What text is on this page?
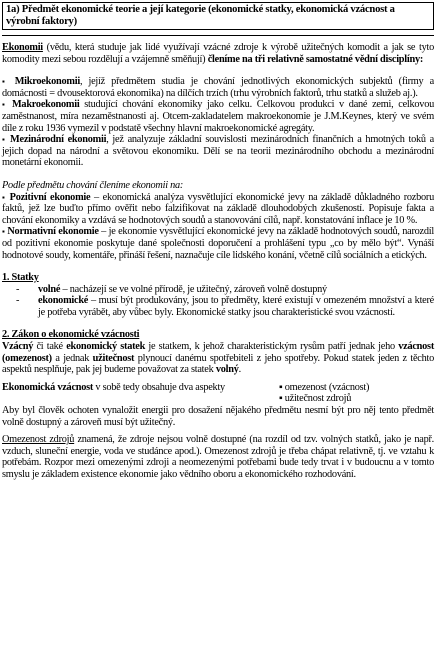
1a) Předmět ekonomické teorie a její kategorie (ekonomické statky, ekonomická vzácnost a výrobní faktory)

Ekonomii (vědu, která studuje jak lidé využívají vzácné zdroje k výrobě užitečných komodit a jak se tyto komodity mezi sebou rozdělují a vzájemně směňují) členíme na tři relativně samostatné vědní disciplíny:

▪ Mikroekonomii, jejíž předmětem studia je chování jednotlivých ekonomických subjektů (firmy a domácnosti = dvousektorová ekonomika) na dílčích trzích (trhu výrobních faktorů, trhu statků a služeb aj.).

▪ Makroekonomii studující chování ekonomiky jako celku. Celkovou produkci v dané zemi, celkovou zaměstnanost, míra nezaměstnanosti aj. Otcem-zakladatelem makroekonomie je J.M.Keynes, který ve svém díle z roku 1936 vymezil v podstatě všechny hlavní makroekonomické agregáty.

▪ Mezinárodní ekonomii, jež analyzuje základní souvislosti mezinárodních finančních a hmotných toků a jejich dopad na národní a světovou ekonomiku. Dělí se na teorii mezinárodního obchodu a mezinárodní monetární ekonomii.

Podle předmětu chování členíme ekonomii na:

▪ Pozitivní ekonomie – ekonomická analýza vysvětlující ekonomické jevy na základě důkladného rozboru faktů, jež lze buďto přímo ověřit nebo falzifikovat na základě dlouhodobých zkušeností. Popisuje fakta a chování ekonomiky a vzdává se hodnotových soudů a stanovování cílů, např. konstatování inflace je 10 %.

▪ Normativní ekonomie – je ekonomie vysvětlující ekonomické jevy na základě hodnotových soudů, narozdíl od pozitivní ekonomie poskytuje dané společnosti doporučení a prohlášení typu „co by mělo být“. Vynáší hodnotové soudy, komentáře, přináší řešení, naznačuje cíle lidského konání, včetně cílů sociálních a etických.

1. Statky

-	volné – nacházejí se ve volné přírodě, je užitečný, zároveň volně dostupný
-	ekonomické – musí být produkovány, jsou to předměty, které existují v omezeném množství a které je potřeba vyrábět, aby vůbec byly. Ekonomické statky jsou charakteristické svou vzácností.

2. Zákon o ekonomické vzácnosti

Vzácný či také ekonomický statek je statkem, k jehož charakteristickým rysům patří jednak jeho vzácnost (omezenost) a jednak užitečnost plynoucí danému spotřebiteli z jeho spotřeby. Pokud statek jeden z těchto aspektů nesplňuje, pak jej budeme považovat za statek volný.

Ekonomická vzácnost v sobě tedy obsahuje dva aspekty	▪ omezenost (vzácnost)
▪ užitečnost zdrojů

Aby byl člověk ochoten vynaložit energii pro dosažení nějakého předmětu nesmí být pro něj tento předmět volně dostupný a zároveň musí být užitečný.

Omezenost zdrojů znamená, že zdroje nejsou volně dostupné (na rozdíl od tzv. volných statků, jako je např. vzduch, sluneční energie, voda ve studánce apod.). Omezenost zdrojů je třeba chápat relativně, tj. ve vztahu k potřebám. Rozpor mezi omezenými zdroji a neomezenými potřebami bude tedy trvat i v budoucnu a v tomto smyslu je základem existence ekonomie jako vědního oboru a ekonomického rozhodování.
